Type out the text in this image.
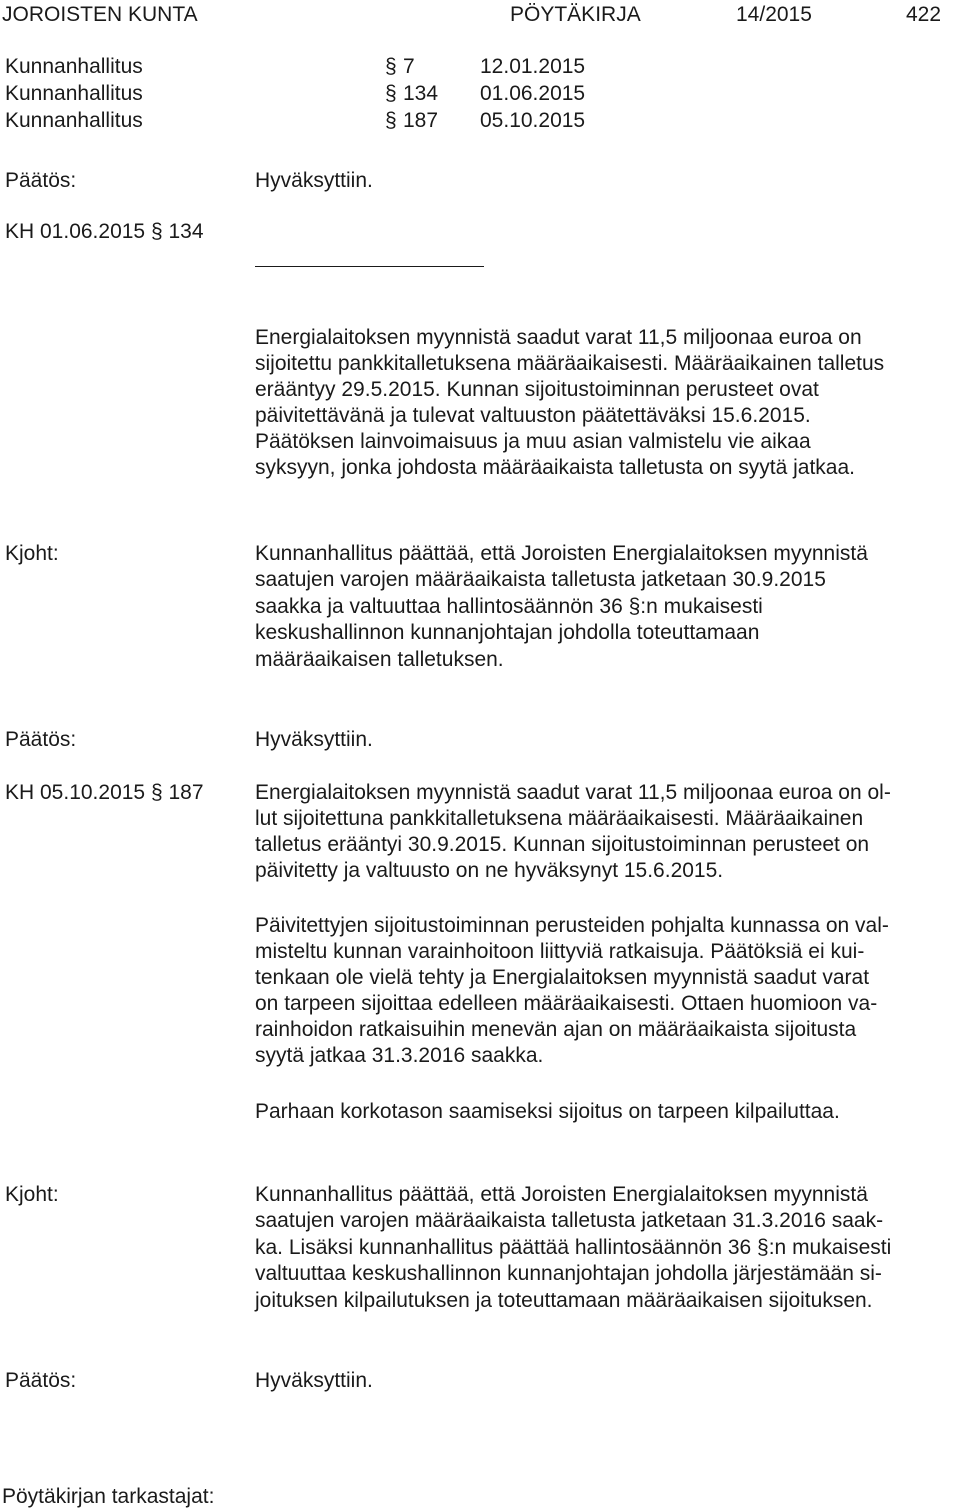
JOROISTEN KUNTA	PÖYTÄKIRJA	14/2015	422
Kunnanhallitus	§ 7	12.01.2015
Kunnanhallitus	§ 134 01.06.2015
Kunnanhallitus	§ 187 05.10.2015
Päätös:	Hyväksyttiin.
KH 01.06.2015 § 134
Energialaitoksen myynnistä saadut varat 11,5 miljoonaa euroa on
sijoitettu pankkitalletuksena määräaikaisesti. Määräaikainen talletus
erääntyy 29.5.2015. Kunnan sijoitustoiminnan perusteet ovat
päivitettävänä ja tulevat valtuuston päätettäväksi 15.6.2015.
Päätöksen lainvoimaisuus ja muu asian valmistelu vie aikaa
syksyyn, jonka johdosta määräaikaista talletusta on syytä jatkaa.
Kjoht:	Kunnanhallitus päättää, että Joroisten Energialaitoksen myynnistä
saatujen varojen määräaikaista talletusta jatketaan 30.9.2015
saakka ja valtuuttaa hallintosäännön 36 §:n mukaisesti
keskushallinnon kunnanjohtajan johdolla toteuttamaan
määräaikaisen talletuksen.
Päätös:	Hyväksyttiin.
KH 05.10.2015 § 187 Energialaitoksen myynnistä saadut varat 11,5 miljoonaa euroa on ol-
lut sijoitettuna pankkitalletuksena määräaikaisesti. Määräaikainen
talletus erääntyi 30.9.2015. Kunnan sijoitustoiminnan perusteet on
päivitetty ja valtuusto on ne hyväksynyt 15.6.2015.
Päivitettyjen sijoitustoiminnan perusteiden pohjalta kunnassa on val-
misteltu kunnan varainhoitoon liittyviä ratkaisuja. Päätöksiä ei kui-
tenkaan ole vielä tehty ja Energialaitoksen myynnistä saadut varat
on tarpeen sijoittaa edelleen määräaikaisesti. Ottaen huomioon va-
rainhoidon ratkaisuihin menevän ajan on määräaikaista sijoitusta
syytä jatkaa 31.3.2016 saakka.
Parhaan korkotason saamiseksi sijoitus on tarpeen kilpailuttaa.
Kjoht:	Kunnanhallitus päättää, että Joroisten Energialaitoksen myynnistä
saatujen varojen määräaikaista talletusta jatketaan 31.3.2016 saak-
ka. Lisäksi kunnanhallitus päättää hallintosäännön 36 §:n mukaisesti
valtuuttaa keskushallinnon kunnanjohtajan johdolla järjestämään si-
joituksen kilpailutuksen ja toteuttamaan määräaikaisen sijoituksen.
Päätös:	Hyväksyttiin.
Pöytäkirjan tarkastajat:
